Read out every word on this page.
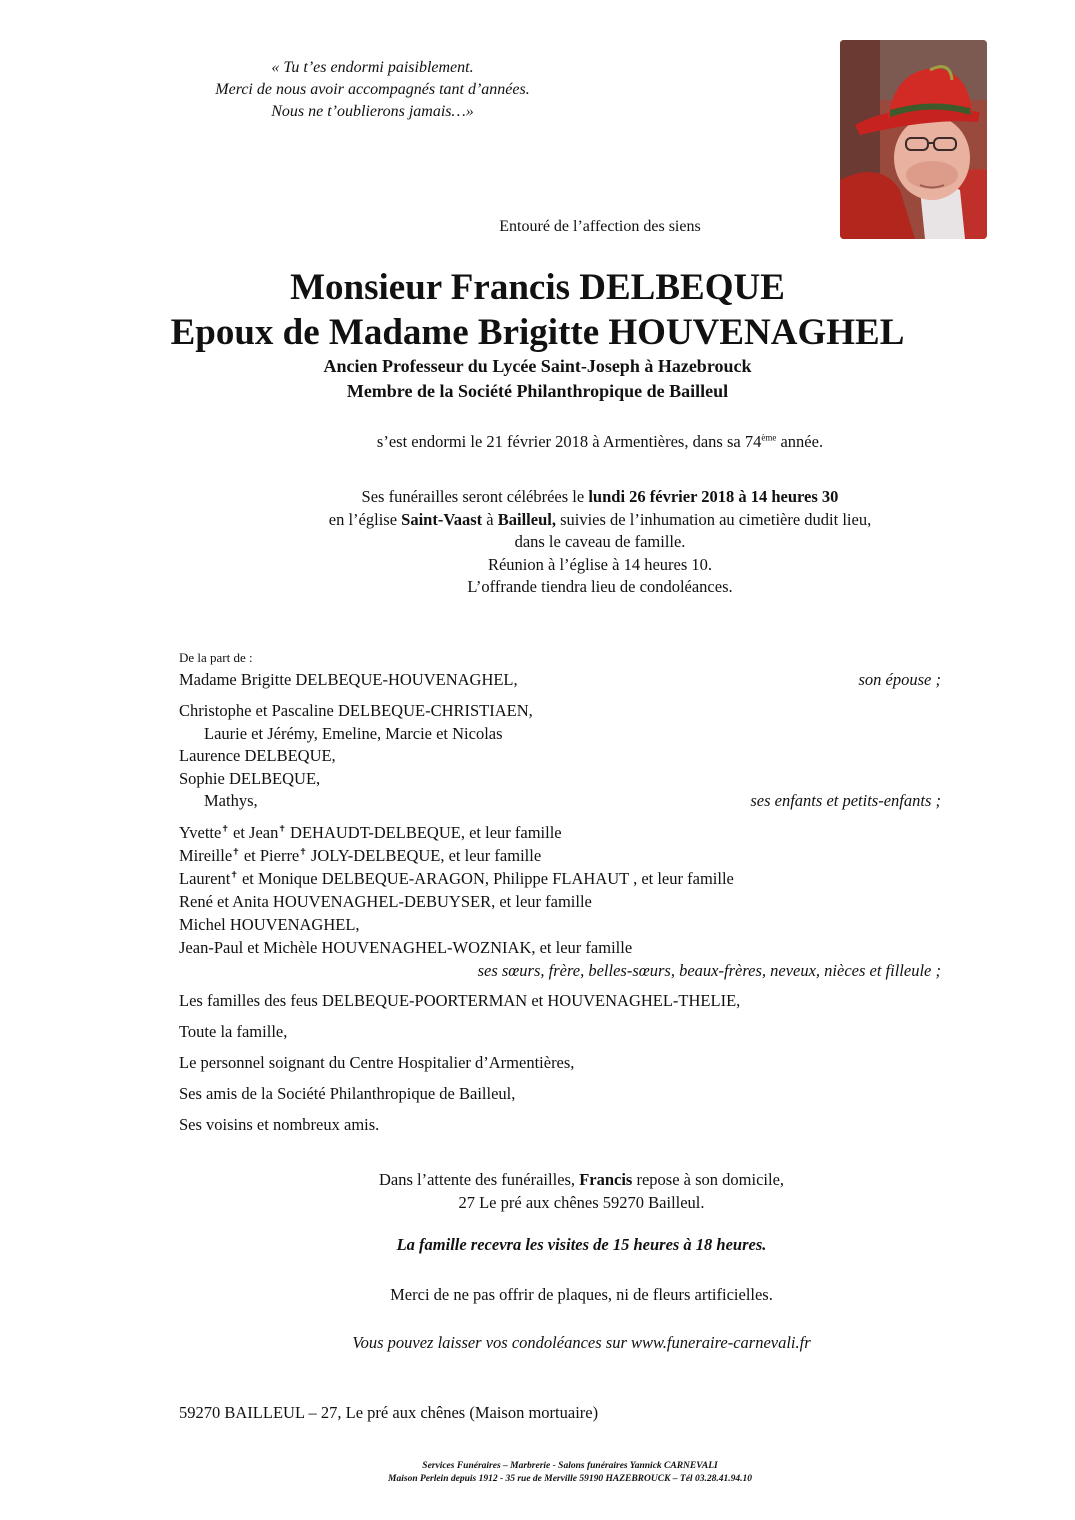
« Tu t’es endormi paisiblement.
Merci de nous avoir accompagnés tant d’années.
Nous ne t’oublierons jamais…»
Entouré de l’affection des siens
Monsieur Francis DELBEQUE
Epoux de Madame Brigitte HOUVENAGHEL
Ancien Professeur du Lycée Saint-Joseph à Hazebrouck
Membre de la Société Philanthropique de Bailleul
s’est endormi le 21 février 2018 à Armentières, dans sa 74ème année.
Ses funérailles seront célébrées le lundi 26 février 2018 à 14 heures 30
en l’église Saint-Vaast à Bailleul, suivies de l’inhumation au cimetière dudit lieu,
dans le caveau de famille.
Réunion à l’église à 14 heures 10.
L’offrande tiendra lieu de condoléances.
De la part de :
Madame Brigitte DELBEQUE-HOUVENAGHEL,	son épouse ;
Christophe et Pascaline DELBEQUE-CHRISTIAEN,
Laurie et Jérémy, Emeline, Marcie et Nicolas
Laurence DELBEQUE,
Sophie DELBEQUE,
Mathys,	ses enfants et petits-enfants ;
Yvette✝ et Jean✝ DEHAUDT-DELBEQUE, et leur famille
Mireille✝ et Pierre✝ JOLY-DELBEQUE, et leur famille
Laurent✝ et Monique DELBEQUE-ARAGON, Philippe FLAHAUT , et leur famille
René et Anita HOUVENAGHEL-DEBUYSER, et leur famille
Michel HOUVENAGHEL,
Jean-Paul et Michèle HOUVENAGHEL-WOZNIAK, et leur famille
ses sœurs, frère, belles-sœurs, beaux-frères, neveux, nièces et filleule ;
Les familles des feus DELBEQUE-POORTERMAN et HOUVENAGHEL-THELIE,
Toute la famille,
Le personnel soignant du Centre Hospitalier d’Armentières,
Ses amis de la Société Philanthropique de Bailleul,
Ses voisins et nombreux amis.
Dans l’attente des funérailles, Francis repose à son domicile,
27 Le pré aux chênes 59270 Bailleul.
La famille recevra les visites de 15 heures à 18 heures.
Merci de ne pas offrir de plaques, ni de fleurs artificielles.
Vous pouvez laisser vos condoléances sur www.funeraire-carnevali.fr
59270 BAILLEUL – 27, Le pré aux chênes (Maison mortuaire)
Services Funéraires – Marbrerie - Salons funéraires Yannick CARNEVALI
Maison Perlein depuis 1912 - 35 rue de Merville 59190 HAZEBROUCK – Tél 03.28.41.94.10
